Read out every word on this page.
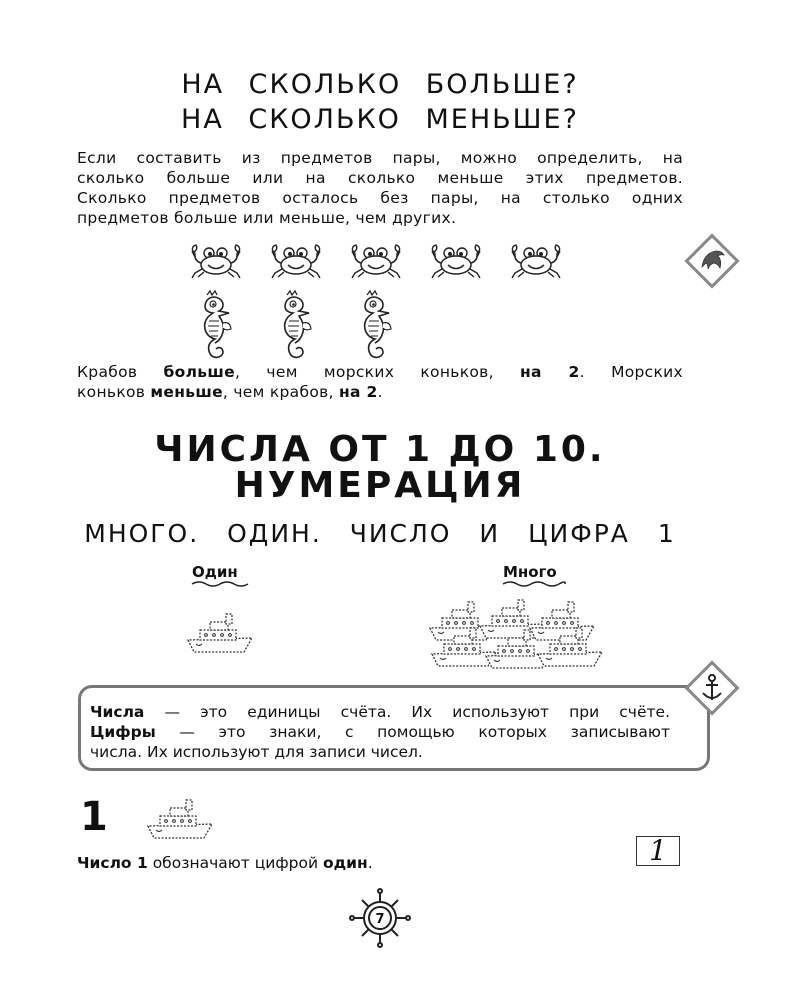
НА СКОЛЬКО БОЛЬШЕ?
НА СКОЛЬКО МЕНЬШЕ?
Если составить из предметов пары, можно определить, на
сколько больше или на сколько меньше этих предметов.
Сколько предметов осталось без пары, на столько одних
предметов больше или меньше, чем других.
Крабов больше, чем морских коньков, на 2. Морских
коньков меньше, чем крабов, на 2.
ЧИСЛА ОТ 1 ДО 10.
НУМЕРАЦИЯ
МНОГО. ОДИН. ЧИСЛО И ЦИФРА 1
Один	Много
Числа — это единицы счёта. Их используют при счёте.
Цифры — это знаки, с помощью которых записывают
числа. Их используют для записи чисел.
1
1
Число 1 обозначают цифрой один.
7
